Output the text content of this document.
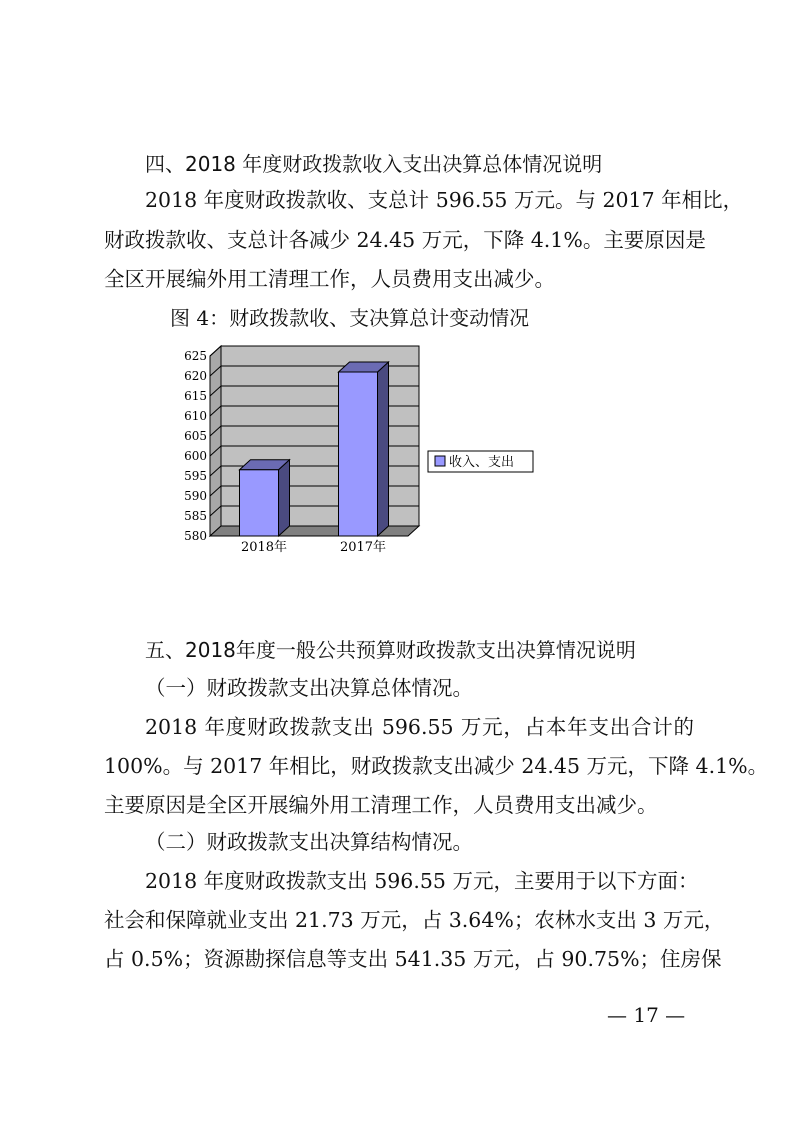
四、2018 年度财政拨款收入支出决算总体情况说明
2018 年度财政拨款收、支总计 596.55 万元。与 2017 年相比，
财政拨款收、支总计各减少 24.45 万元，下降 4.1%。主要原因是
全区开展编外用工清理工作，人员费用支出减少。
图 4：财政拨款收、支决算总计变动情况
580
585
590
595
600
605
610
615
620
625
2018年	2017年
收入、支出
五、2018年度一般公共预算财政拨款支出决算情况说明
（一）财政拨款支出决算总体情况。
2018 年度财政拨款支出 596.55 万元，占本年支出合计的
100%。与 2017 年相比，财政拨款支出减少 24.45 万元，下降 4.1%。
主要原因是全区开展编外用工清理工作，人员费用支出减少。
（二）财政拨款支出决算结构情况。
2018 年度财政拨款支出 596.55 万元，主要用于以下方面：
社会和保障就业支出 21.73 万元，占 3.64%；农林水支出 3 万元，
占 0.5%；资源勘探信息等支出 541.35 万元，占 90.75%；住房保
— 17 —
